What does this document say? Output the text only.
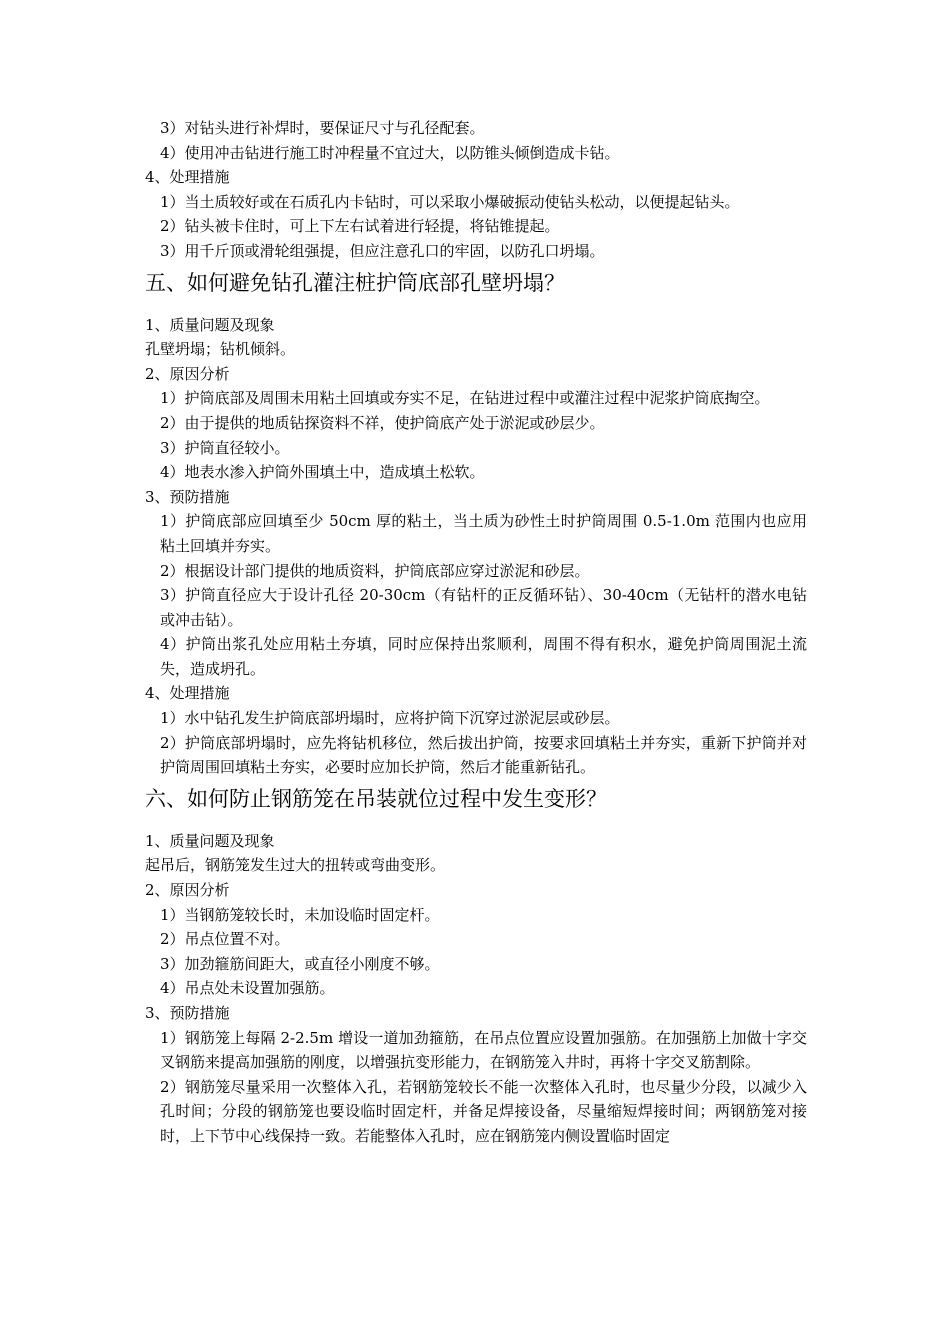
3）对钻头进行补焊时，要保证尺寸与孔径配套。
4）使用冲击钻进行施工时冲程量不宜过大，以防锥头倾倒造成卡钻。
4、处理措施
1）当土质较好或在石质孔内卡钻时，可以采取小爆破振动使钻头松动，以便提起钻头。
2）钻头被卡住时，可上下左右试着进行轻提，将钻锥提起。
3）用千斤顶或滑轮组强提，但应注意孔口的牢固，以防孔口坍塌。
五、如何避免钻孔灌注桩护筒底部孔壁坍塌？
1、质量问题及现象
孔壁坍塌；钻机倾斜。
2、原因分析
1）护筒底部及周围未用粘土回填或夯实不足，在钻进过程中或灌注过程中泥浆护筒底掏空。
2）由于提供的地质钻探资料不祥，使护筒底产处于淤泥或砂层少。
3）护筒直径较小。
4）地表水渗入护筒外围填土中，造成填土松软。
3、预防措施
1）护筒底部应回填至少 50cm 厚的粘土，当土质为砂性土时护筒周围 0.5-1.0m 范围内也应用粘土回填并夯实。
2）根据设计部门提供的地质资料，护筒底部应穿过淤泥和砂层。
3）护筒直径应大于设计孔径 20-30cm（有钻杆的正反循环钻）、30-40cm（无钻杆的潜水电钻或冲击钻）。
4）护筒出浆孔处应用粘土夯填，同时应保持出浆顺利，周围不得有积水，避免护筒周围泥土流失，造成坍孔。
4、处理措施
1）水中钻孔发生护筒底部坍塌时，应将护筒下沉穿过淤泥层或砂层。
2）护筒底部坍塌时，应先将钻机移位，然后拔出护筒，按要求回填粘土并夯实，重新下护筒并对护筒周围回填粘土夯实，必要时应加长护筒，然后才能重新钻孔。
六、如何防止钢筋笼在吊装就位过程中发生变形？
1、质量问题及现象
起吊后，钢筋笼发生过大的扭转或弯曲变形。
2、原因分析
1）当钢筋笼较长时，未加设临时固定杆。
2）吊点位置不对。
3）加劲箍筋间距大，或直径小刚度不够。
4）吊点处未设置加强筋。
3、预防措施
1）钢筋笼上每隔 2-2.5m 增设一道加劲箍筋，在吊点位置应设置加强筋。在加强筋上加做十字交叉钢筋来提高加强筋的刚度，以增强抗变形能力，在钢筋笼入井时，再将十字交叉筋割除。
2）钢筋笼尽量采用一次整体入孔，若钢筋笼较长不能一次整体入孔时，也尽量少分段，以减少入孔时间；分段的钢筋笼也要设临时固定杆，并备足焊接设备，尽量缩短焊接时间；两钢筋笼对接时，上下节中心线保持一致。若能整体入孔时，应在钢筋笼内侧设置临时固定
